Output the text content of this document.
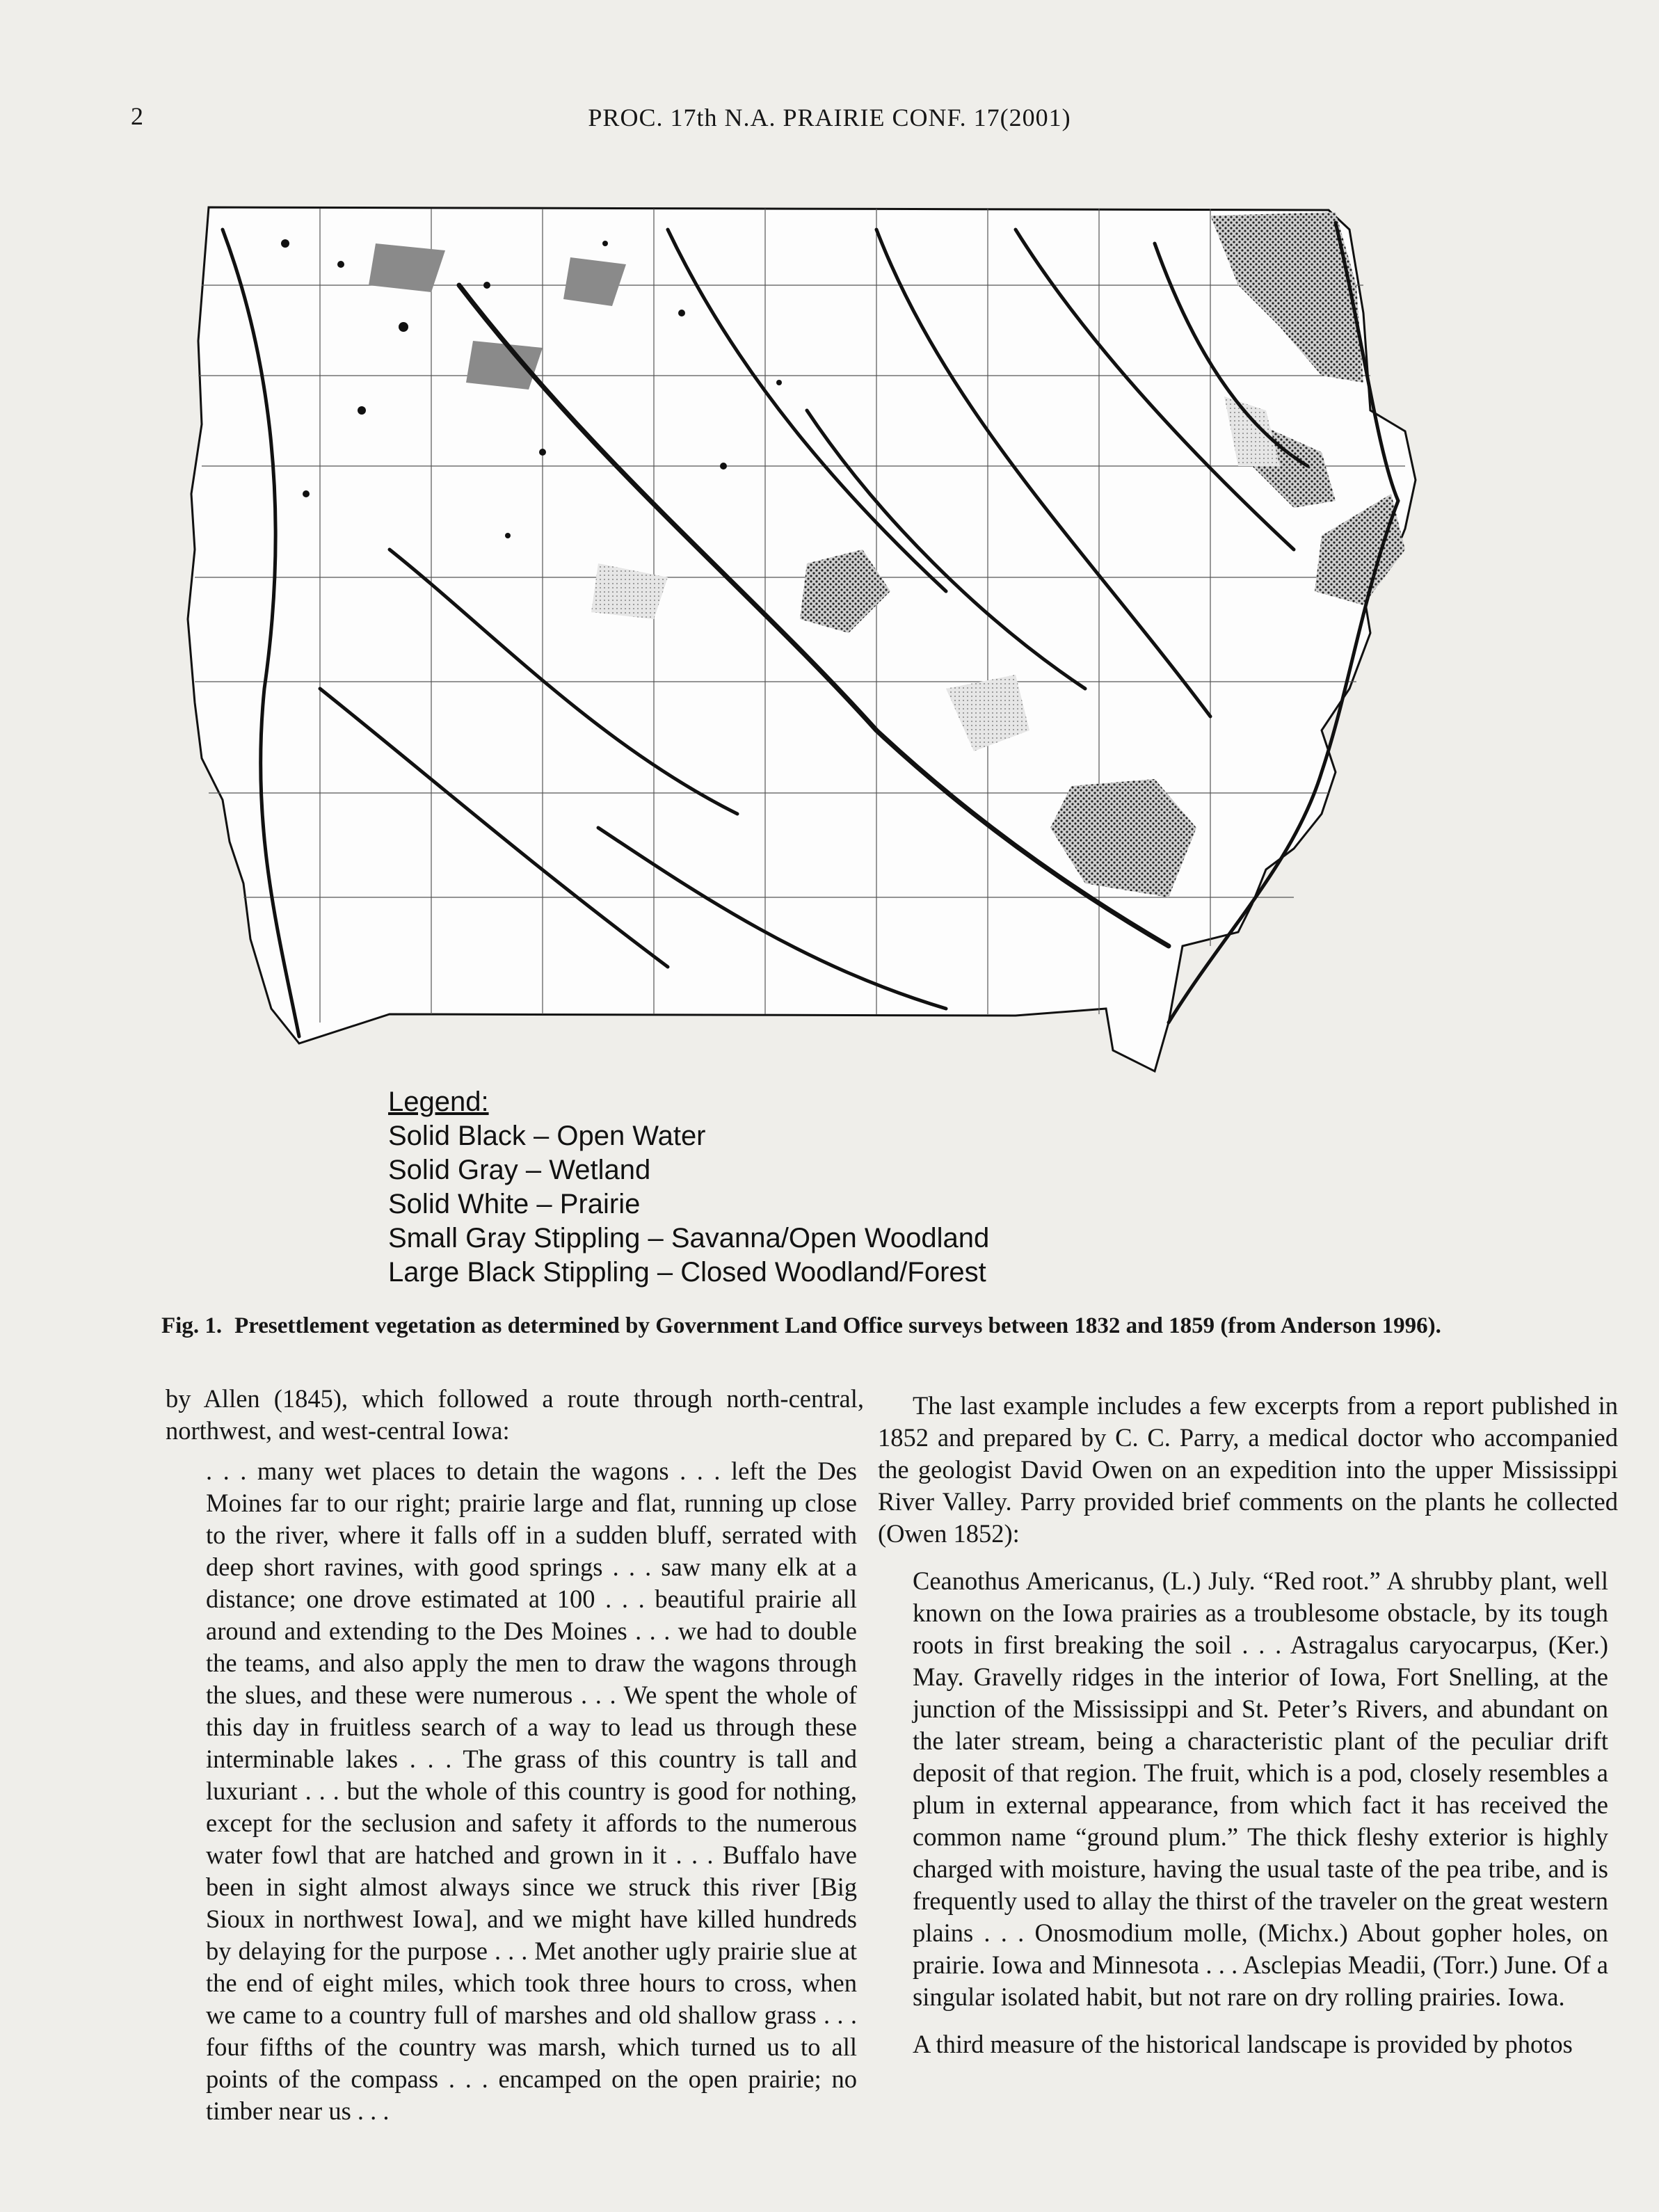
2	PROC. 17th N.A. PRAIRIE CONF. 17(2001)
Legend:
Solid Black – Open Water
Solid Gray – Wetland
Solid White – Prairie
Small Gray Stippling – Savanna/Open Woodland
Large Black Stippling – Closed Woodland/Forest
Fig. 1. Presettlement vegetation as determined by Government Land Office surveys between 1832 and 1859 (from Anderson 1996).

by Allen (1845), which followed a route through north-central, northwest, and west-central Iowa:

. . . many wet places to detain the wagons . . . left the Des Moines far to our right; prairie large and flat, running up close to the river, where it falls off in a sudden bluff, serrated with deep short ravines, with good springs . . . saw many elk at a distance; one drove estimated at 100 . . . beautiful prairie all around and extending to the Des Moines . . . we had to double the teams, and also apply the men to draw the wagons through the slues, and these were numerous . . . We spent the whole of this day in fruitless search of a way to lead us through these interminable lakes . . . The grass of this country is tall and luxuriant . . . but the whole of this country is good for nothing, except for the seclusion and safety it affords to the numerous water fowl that are hatched and grown in it . . . Buffalo have been in sight almost always since we struck this river [Big Sioux in northwest Iowa], and we might have killed hundreds by delaying for the purpose . . . Met another ugly prairie slue at the end of eight miles, which took three hours to cross, when we came to a country full of marshes and old shallow grass . . . four fifths of the country was marsh, which turned us to all points of the compass . . . encamped on the open prairie; no timber near us . . .

The last example includes a few excerpts from a report published in 1852 and prepared by C. C. Parry, a medical doctor who accompanied the geologist David Owen on an expedition into the upper Mississippi River Valley. Parry provided brief comments on the plants he collected (Owen 1852):

Ceanothus Americanus, (L.) July. “Red root.” A shrubby plant, well known on the Iowa prairies as a troublesome obstacle, by its tough roots in first breaking the soil . . . Astragalus caryocarpus, (Ker.) May. Gravelly ridges in the interior of Iowa, Fort Snelling, at the junction of the Mississippi and St. Peter’s Rivers, and abundant on the later stream, being a characteristic plant of the peculiar drift deposit of that region. The fruit, which is a pod, closely resembles a plum in external appearance, from which fact it has received the common name “ground plum.” The thick fleshy exterior is highly charged with moisture, having the usual taste of the pea tribe, and is frequently used to allay the thirst of the traveler on the great western plains . . . Onosmodium molle, (Michx.) About gopher holes, on prairie. Iowa and Minnesota . . . Asclepias Meadii, (Torr.) June. Of a singular isolated habit, but not rare on dry rolling prairies. Iowa.

A third measure of the historical landscape is provided by photos
